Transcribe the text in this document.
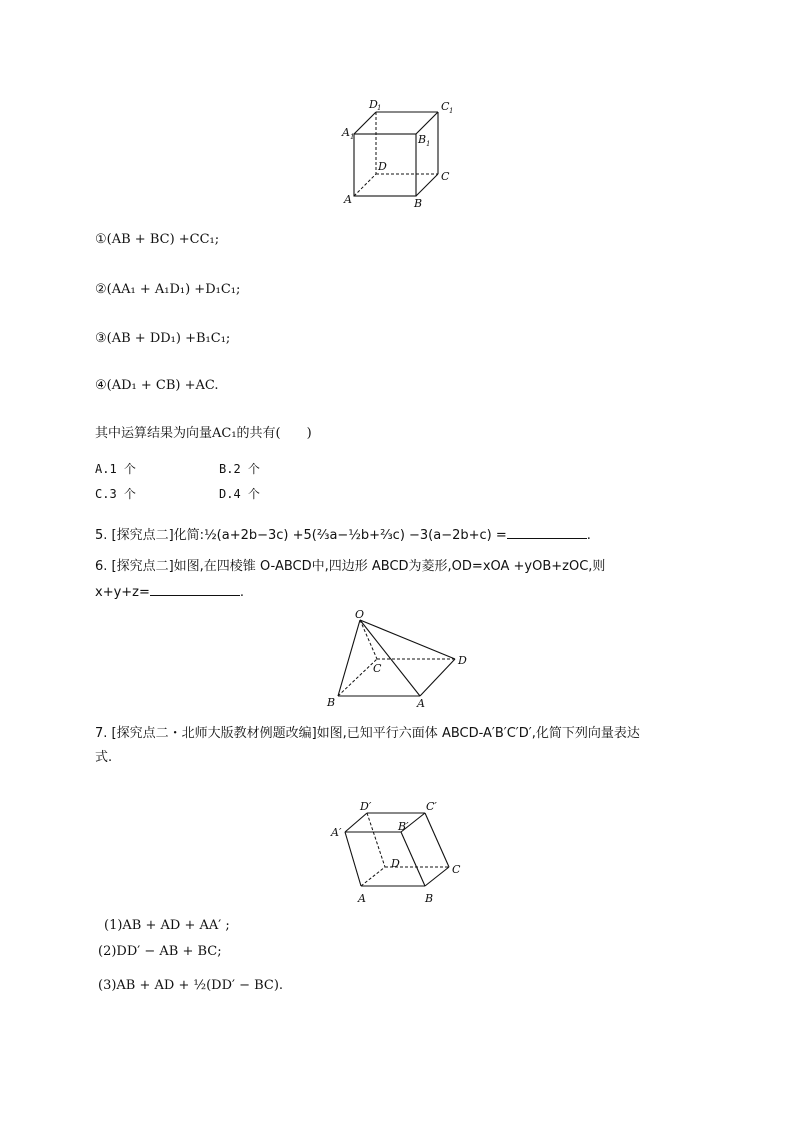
A 1
D 1	C 1
B 1
D
C
A	B
①(AB + BC) +CC₁;
②(AA₁ + A₁D₁) +D₁C₁;
③(AB + DD₁) +B₁C₁;
④(AD₁ + CB) +AC.
其中运算结果为向量AC₁的共有(　　)
A.1 个	B.2 个
C.3 个	D.4 个
5. [探究点二]化简:½(a+2b−3c) +5(⅔a−½b+⅔c) −3(a−2b+c) =	.
6. [探究点二]如图,在四棱锥 O-ABCD中,四边形 ABCD为菱形,OD=xOA +yOB+zOC,则
x+y+z=	.
O
D
C
B	A
7. [探究点二・北师大版教材例题改编]如图,已知平行六面体 ABCD-A′B′C′D′,化简下列向量表达
式.
D′	C′
A′	B′
D	C
A	B
(1)AB + AD + AA′ ;
(2)DD′ − AB + BC;
(3)AB + AD + ½(DD′ − BC).
